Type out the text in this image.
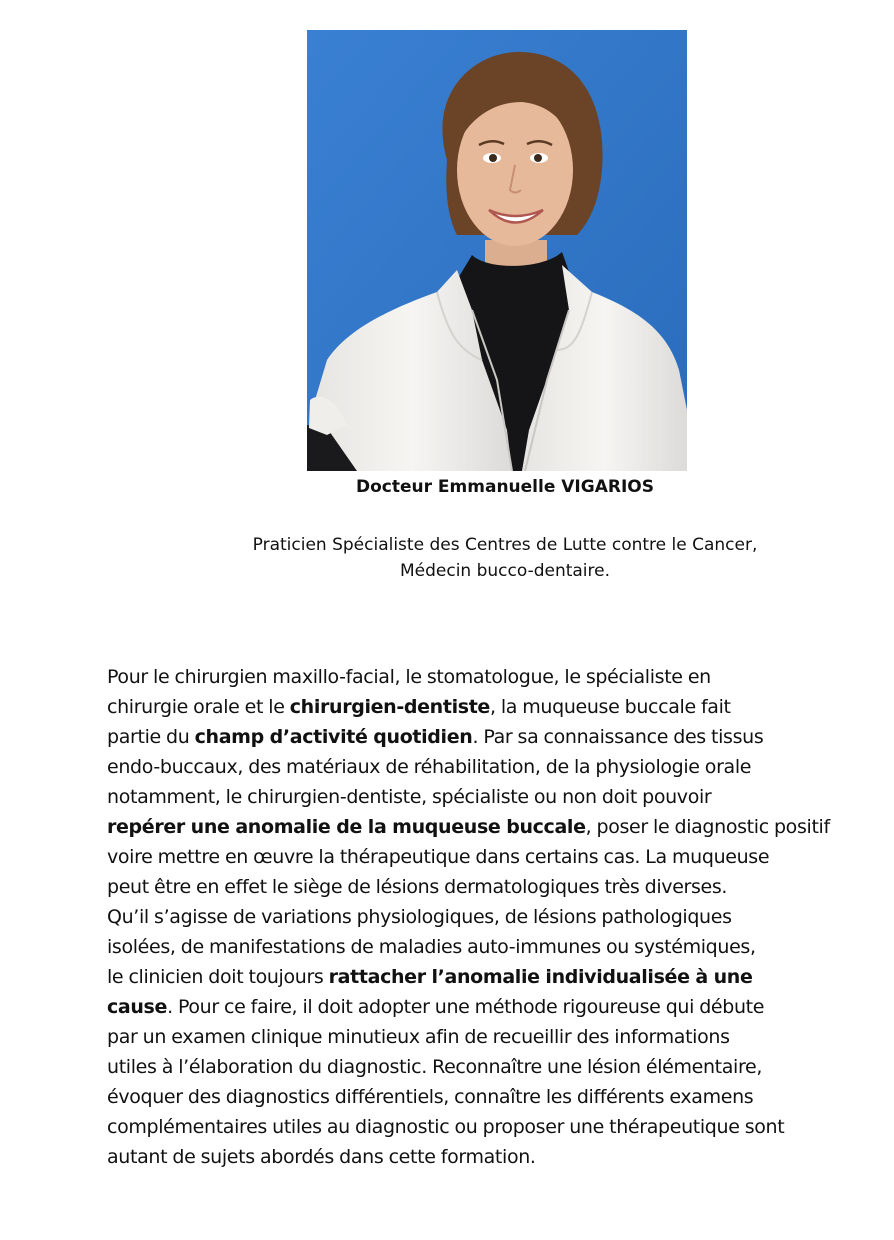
Docteur Emmanuelle VIGARIOS
Praticien Spécialiste des Centres de Lutte contre le Cancer,
Médecin bucco-dentaire.
Pour le chirurgien maxillo-facial, le stomatologue, le spécialiste en
chirurgie orale et le chirurgien-dentiste, la muqueuse buccale fait
partie du champ d’activité quotidien. Par sa connaissance des tissus
endo-buccaux, des matériaux de réhabilitation, de la physiologie orale
notamment, le chirurgien-dentiste, spécialiste ou non doit pouvoir
repérer une anomalie de la muqueuse buccale, poser le diagnostic positif
voire mettre en œuvre la thérapeutique dans certains cas. La muqueuse
peut être en effet le siège de lésions dermatologiques très diverses.
Qu’il s’agisse de variations physiologiques, de lésions pathologiques
isolées, de manifestations de maladies auto-immunes ou systémiques,
le clinicien doit toujours rattacher l’anomalie individualisée à une
cause. Pour ce faire, il doit adopter une méthode rigoureuse qui débute
par un examen clinique minutieux afin de recueillir des informations
utiles à l’élaboration du diagnostic. Reconnaître une lésion élémentaire,
évoquer des diagnostics différentiels, connaître les différents examens
complémentaires utiles au diagnostic ou proposer une thérapeutique sont
autant de sujets abordés dans cette formation.
